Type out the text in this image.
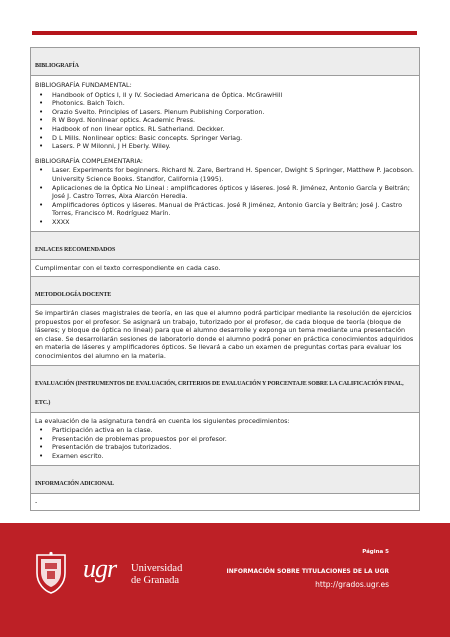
BIBLIOGRAFÍA

BIBLIOGRAFÍA FUNDAMENTAL:
• Handbook of Optics I, II y IV. Sociedad Americana de Óptica. McGrawHill
• Photonics. Balch Toich.
• Orazio Svelto. Principles of Lasers. Plenum Publishing Corporation.
• R W Boyd. Nonlinear optics. Academic Press.
• Hadbook of non linear optics. RL Satherland. Deckker.
• D L Mills. Nonlinear optics: Basic concepts. Springer Verlag.
• Lasers. P W Milonni, J H Eberly. Wiley.
BIBLIOGRAFÍA COMPLEMENTARIA:
• Laser. Experiments for beginners. Richard N. Zare, Bertrand H. Spencer, Dwight S Springer, Matthew P. Jacobson. University Science Books. Standfor, California (1995).
• Aplicaciones de la Óptica No Lineal : amplificadores ópticos y láseres. José R. Jiménez, Antonio García y Beltrán; José J. Castro Torres, Aixa Alarcón Heredia.
• Amplificadores ópticos y láseres. Manual de Prácticas. José R Jiménez, Antonio García y Beltrán; José J. Castro Torres, Francisco M. Rodríguez Marín.
• XXXX

ENLACES RECOMENDADOS
Cumplimentar con el texto correspondiente en cada caso.
METODOLOGÍA DOCENTE
Se impartirán clases magistrales de teoría, en las que el alumno podrá participar mediante la resolución de ejercicios propuestos por el profesor. Se asignará un trabajo, tutorizado por el profesor, de cada bloque de teoría (bloque de láseres; y bloque de óptica no lineal) para que el alumno desarrolle y exponga un tema mediante una presentación en clase. Se desarrollarán sesiones de laboratorio donde el alumno podrá poner en práctica conocimientos adquiridos en materia de láseres y amplificadores ópticos. Se llevará a cabo un examen de preguntas cortas para evaluar los conocimientos del alumno en la materia.
EVALUACIÓN (INSTRUMENTOS DE EVALUACIÓN, CRITERIOS DE EVALUACIÓN Y PORCENTAJE SOBRE LA CALIFICACIÓN FINAL, ETC.)

La evaluación de la asignatura tendrá en cuenta los siguientes procedimientos:
• Participación activa en la clase.
• Presentación de problemas propuestos por el profesor.
• Presentación de trabajos tutorizados.
• Examen escrito.

INFORMACIÓN ADICIONAL
-
Página 5
ugr Universidad
de Granada
INFORMACIÓN SOBRE TITULACIONES DE LA UGR
http://grados.ugr.es
